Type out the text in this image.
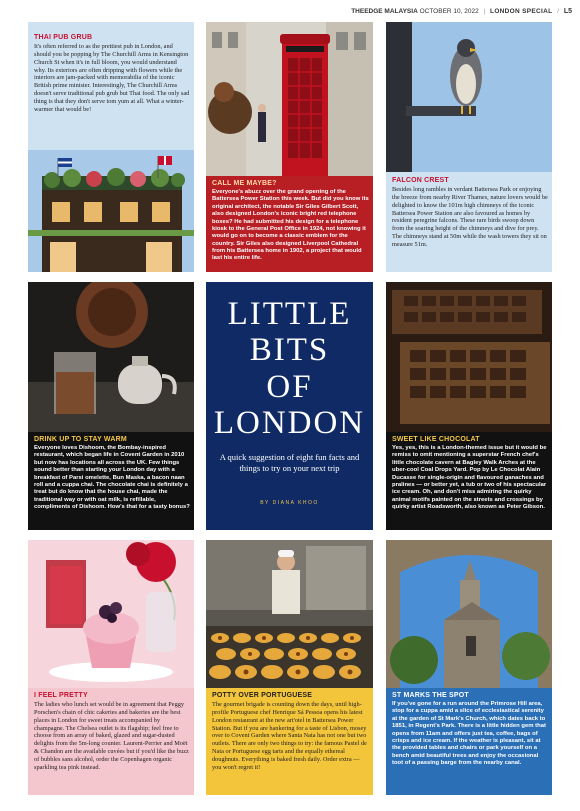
THEEDGE MALAYSIA OCTOBER 10, 2022 | LONDON SPECIAL / L5
THAI PUB GRUB
It's often referred to as the prettiest pub in London, and should you be popping by The Churchill Arms in Kensington Church St when it's in full bloom, you would understand why. Its exteriors are often dripping with flowers while the interiors are jam-packed with memorabilia of the iconic British prime minister. Interestingly, The Churchill Arms doesn't serve traditional pub grub but Thai food. The only sad thing is that they don't serve tom yum at all. What a winter-warmer that would be!
CALL ME MAYBE?
Everyone's abuzz over the grand opening of the Battersea Power Station this week. But did you know its original architect, the notable Sir Giles Gilbert Scott, also designed London's iconic bright red telephone boxes? He had submitted his design for a telephone kiosk to the General Post Office in 1924, not knowing it would go on to become a classic emblem for the country. Sir Giles also designed Liverpool Cathedral from his Battersea home in 1902, a project that would last his entire life.
FALCON CREST
Besides long rambles in verdant Battersea Park or enjoying the breeze from nearby River Thames, nature lovers would be delighted to know the 101m high chimneys of the iconic Battersea Power Station are also favoured as homes by resident peregrine falcons. These rare birds swoop down from the soaring height of the chimneys and dive for prey. The chimneys stand at 50m while the wash towers they sit on measure 51m.
DRINK UP TO STAY WARM
Everyone loves Dishoom, the Bombay-inspired restaurant, which began life in Covent Garden in 2010 but now has locations all across the UK. Few things sound better than starting your London day with a breakfast of Parsi omelette, Bun Maska, a bacon naan roll and a cuppa chai. The chocolate chai is definitely a treat but do know that the house chai, made the traditional way or with oat milk, is refillable, compliments of Dishoom. How's that for a tasty bonus?
LITTLE
BITS
OF
LONDON
A quick suggestion of eight fun facts and things to try on your next trip
BY DIANA KHOO
SWEET LIKE CHOCOLAT
Yes, yes, this is a London-themed issue but it would be remiss to omit mentioning a superstar French chef's little chocolate cavern at Bagley Walk Arches at the uber-cool Coal Drops Yard. Pop by Le Chocolat Alain Ducasse for single-origin and flavoured ganaches and pralines — or better yet, a tub or two of his spectacular ice cream. Oh, and don't miss admiring the quirky animal motifs painted on the streets and crossings by quirky artist Roadsworth, also known as Peter Gibson.
I FEEL PRETTY
The ladies who lunch set would be in agreement that Peggy Porschen's chain of chic cakeries and bakeries are the best places in London for sweet treats accompanied by champagne. The Chelsea outlet is its flagship; feel free to choose from an array of baked, glazed and sugar-dusted delights from the 5m-long counter. Laurent-Perrier and Moët & Chandon are the available cuvées but if you'd like the buzz of bubbles sans alcohol, order the Copenhagen organic sparkling tea pink instead.
POTTY OVER PORTUGUESE
The gourmet brigade is counting down the days, until high-profile Portuguese chef Henrique Sá Pessoa opens his latest London restaurant at the new art'otel in Battersea Power Station. But if you are hankering for a taste of Lisbon, mosey over to Covent Garden where Santa Nata has not one but two outlets. There are only two things to try: the famous Pastel de Nata or Portuguese egg tarts and the equally ethereal doughnuts. Everything is baked fresh daily. Order extra — you won't regret it!
ST MARKS THE SPOT
If you've gone for a run around the Primrose Hill area, stop for a cuppa amid a slice of ecclesiastical serenity at the garden of St Mark's Church, which dates back to 1851, in Regent's Park. There is a little hidden gem that opens from 11am and offers just tea, coffee, bags of crisps and ice cream. If the weather is pleasant, sit at the provided tables and chairs or park yourself on a bench amid beautiful trees and enjoy the occasional toot of a passing barge from the nearby canal.
